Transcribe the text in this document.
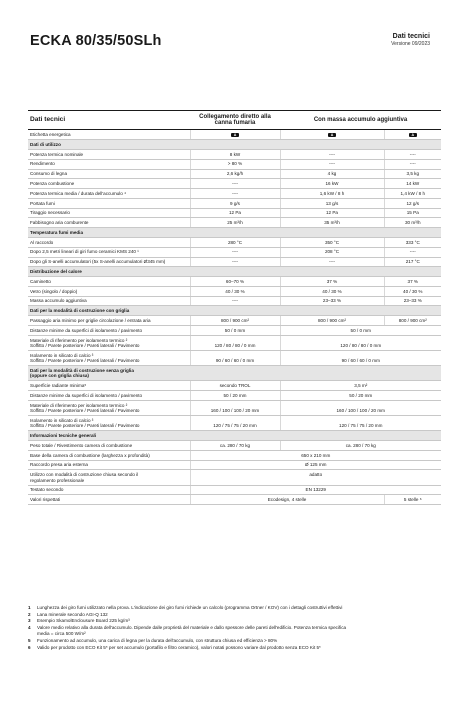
ECKA 80/35/50SLh	Dati tecnici
Versione 09/2023
Dati tecnici	Collegamento diretto alla canna fumaria	Con massa accumulo aggiuntiva	
Etichetta energetica	A	A	A
Dati di utilizzo			
Potenza termica nominale	8 kW	----	----
Rendimento	> 80 %	----	----
Consumo di legna	2,6 kg/h	4 kg	3,5 kg
Potenza combustione	----	16 kW	14 kW
Potenza termica media / durata dell'accumulo ⁴	----	1,6 kW / 8 h	1,4 kW / 8 h
Portata fumi	9 g/s	13 g/s	12 g/s
Tiraggio necessario	12 Pa	12 Pa	15 Pa
Fabbisogno aria comburente	25 m³/h	35 m³/h	30 m³/h
Temperatura fumi media			
Al raccordo	280 °C	350 °C	333 °C
Dopo 2,5 metri lineari di giri fumo ceramici KMS 240 ¹	----	208 °C	----
Dopo gli S-anelli accumulatori (5x S-anelli accumulatori Ø345 mm)	----	----	217 °C
Distribuzione del calore			
Caminetto	60–70 %	37 %	37 %
Vetro (singolo / doppio)	40 / 30 %	40 / 30 %	40 / 30 %
Massa accumulo aggiuntiva	----	23–33 %	23–33 %
Dati per la modalità di costruzione con griglia			
Passaggio aria minimo per griglie circolazione / entrata aria	800 / 900 cm²	800 / 900 cm²	800 / 900 cm²
Distanze minime da superfici di isolamento / pavimento	50 / 0 mm	50 / 0 mm	

Materiale di riferimento per isolamento termico ²
Soffitto / Parete posteriore / Pareti laterali / Pavimento	120 / 80 / 80 / 0 mm	120 / 80 / 80 / 0 mm	

Isolamento in silicato di calcio ³
Soffitto / Parete posteriore / Pareti laterali / Pavimento	90 / 60 / 60 / 0 mm	90 / 60 / 60 / 0 mm	

Dati per la modalità di costruzione senza griglia
(oppure con griglia chiusa)			

Superficie radiante minima⁵	secondo TROL	3,5 m²	
Distanze minime da superfici di isolamento / pavimento	50 / 20 mm	50 / 20 mm	

Materiale di riferimento per isolamento termico ²
Soffitto / Parete posteriore / Pareti laterali / Pavimento	160 / 100 / 100 / 20 mm	160 / 100 / 100 / 20 mm	

Isolamento in silicato di calcio ³
Soffitto / Parete posteriore / Pareti laterali / Pavimento	120 / 75 / 75 / 20 mm	120 / 75 / 75 / 20 mm	
Informazioni tecniche generali			
Peso totale / Rivestimento camera di combustione	ca. 280 / 70 kg	ca. 280 / 70 kg	
Base della camera di combustione (larghezza x profondità)	650 x 210 mm		
Raccordo presa aria esterna	Ø 125 mm		

Utilizzo con modalità di costruzione chiusa secondo il
regolamento professionale	adatto		
Testato secondo	EN 13229		
Valori rispettati	Ecodesign, 4 stelle		5 stelle ⁶
1	Lunghezza dei giro fumi utilizzato nella prova. L'indicazione dei giro fumi richiede un calcolo (programma Ortner / KOV) con i dettagli costruttivi effettivi
2	Lana minerale secondo AGI-Q 132
3	Esempio SkamolEnclousure Board 225 kg/m³
4	Valore medio relativo alla durata dell'accumulo. Dipende dalle proprietà del materiale e dallo spessore delle pareti dell'edificio. Potenza termica specifica
media = circa 500 W/m²
5	Funzionamento ad accumulo, una carica di legna per la durata dell'accumulo, con struttura chiusa ed efficienza > 80%
6	Valido per prodotto con ECO Kit 5* per set accumulo (portafilo e filtro ceramico), valori notati possono variare dal prodotto senza ECO Kit 5*
